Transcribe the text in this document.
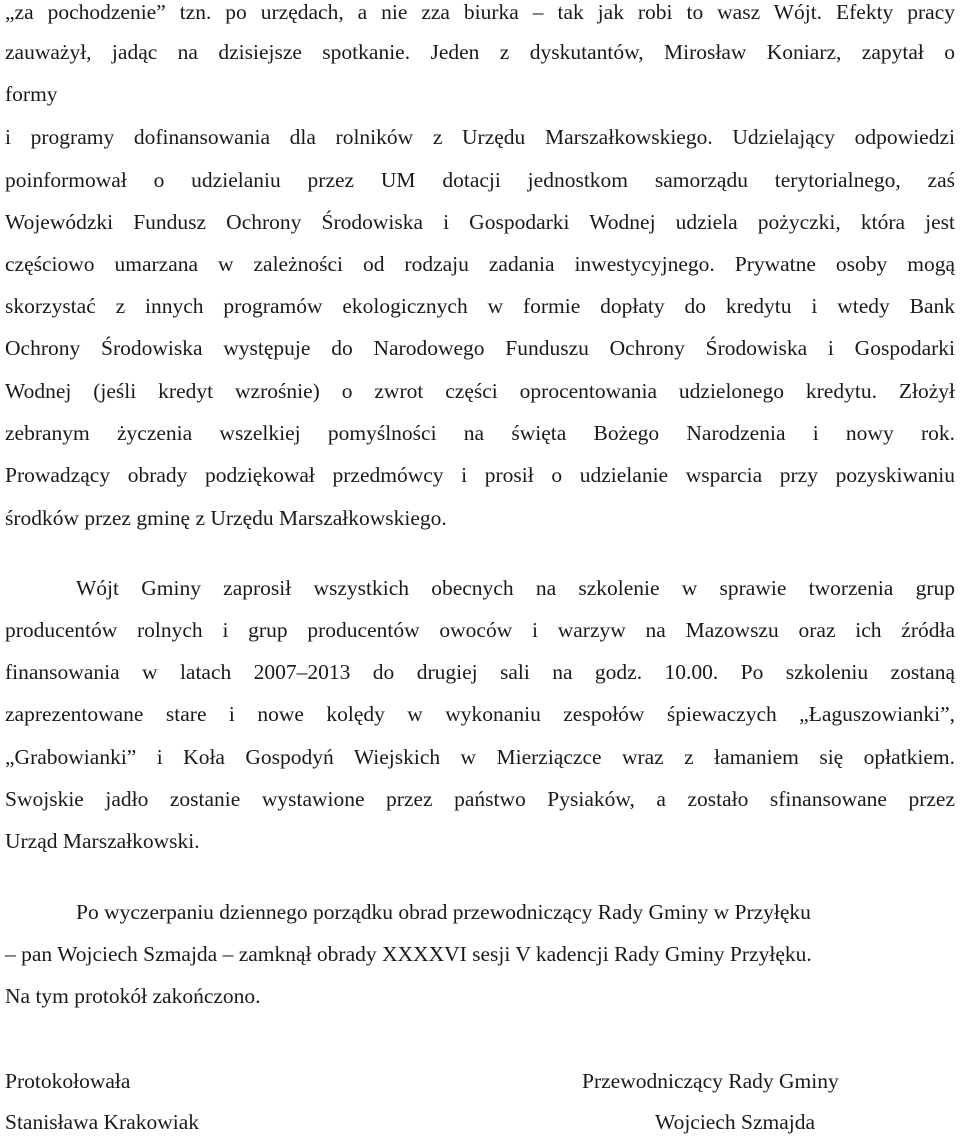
„za pochodzenie” tzn. po urzędach, a nie zza biurka – tak jak robi to wasz Wójt. Efekty pracy
zauważył, jadąc na dzisiejsze spotkanie. Jeden z dyskutantów, Mirosław Koniarz, zapytał o
formy
i programy dofinansowania dla rolników z Urzędu Marszałkowskiego. Udzielający odpowiedzi
poinformował o udzielaniu przez UM dotacji jednostkom samorządu terytorialnego, zaś
Wojewódzki Fundusz Ochrony Środowiska i Gospodarki Wodnej udziela pożyczki, która jest
częściowo umarzana w zależności od rodzaju zadania inwestycyjnego. Prywatne osoby mogą
skorzystać z innych programów ekologicznych w formie dopłaty do kredytu i wtedy Bank
Ochrony Środowiska występuje do Narodowego Funduszu Ochrony Środowiska i Gospodarki
Wodnej (jeśli kredyt wzrośnie) o zwrot części oprocentowania udzielonego kredytu. Złożył
zebranym życzenia wszelkiej pomyślności na święta Bożego Narodzenia i nowy rok.
Prowadzący obrady podziękował przedmówcy i prosił o udzielanie wsparcia przy pozyskiwaniu
środków przez gminę z Urzędu Marszałkowskiego.
Wójt Gminy zaprosił wszystkich obecnych na szkolenie w sprawie tworzenia grup
producentów rolnych i grup producentów owoców i warzyw na Mazowszu oraz ich źródła
finansowania w latach 2007–2013 do drugiej sali na godz. 10.00. Po szkoleniu zostaną
zaprezentowane stare i nowe kolędy w wykonaniu zespołów śpiewaczych „Łaguszowianki”,
„Grabowianki” i Koła Gospodyń Wiejskich w Mierziączce wraz z łamaniem się opłatkiem.
Swojskie jadło zostanie wystawione przez państwo Pysiaków, a zostało sfinansowane przez
Urząd Marszałkowski.
Po wyczerpaniu dziennego porządku obrad przewodniczący Rady Gminy w Przyłęku
– pan Wojciech Szmajda – zamknął obrady XXXXVI sesji V kadencji Rady Gminy Przyłęku.
Na tym protokół zakończono.
Protokołowała
Stanisława Krakowiak
Przewodniczący Rady Gminy
Wojciech Szmajda
